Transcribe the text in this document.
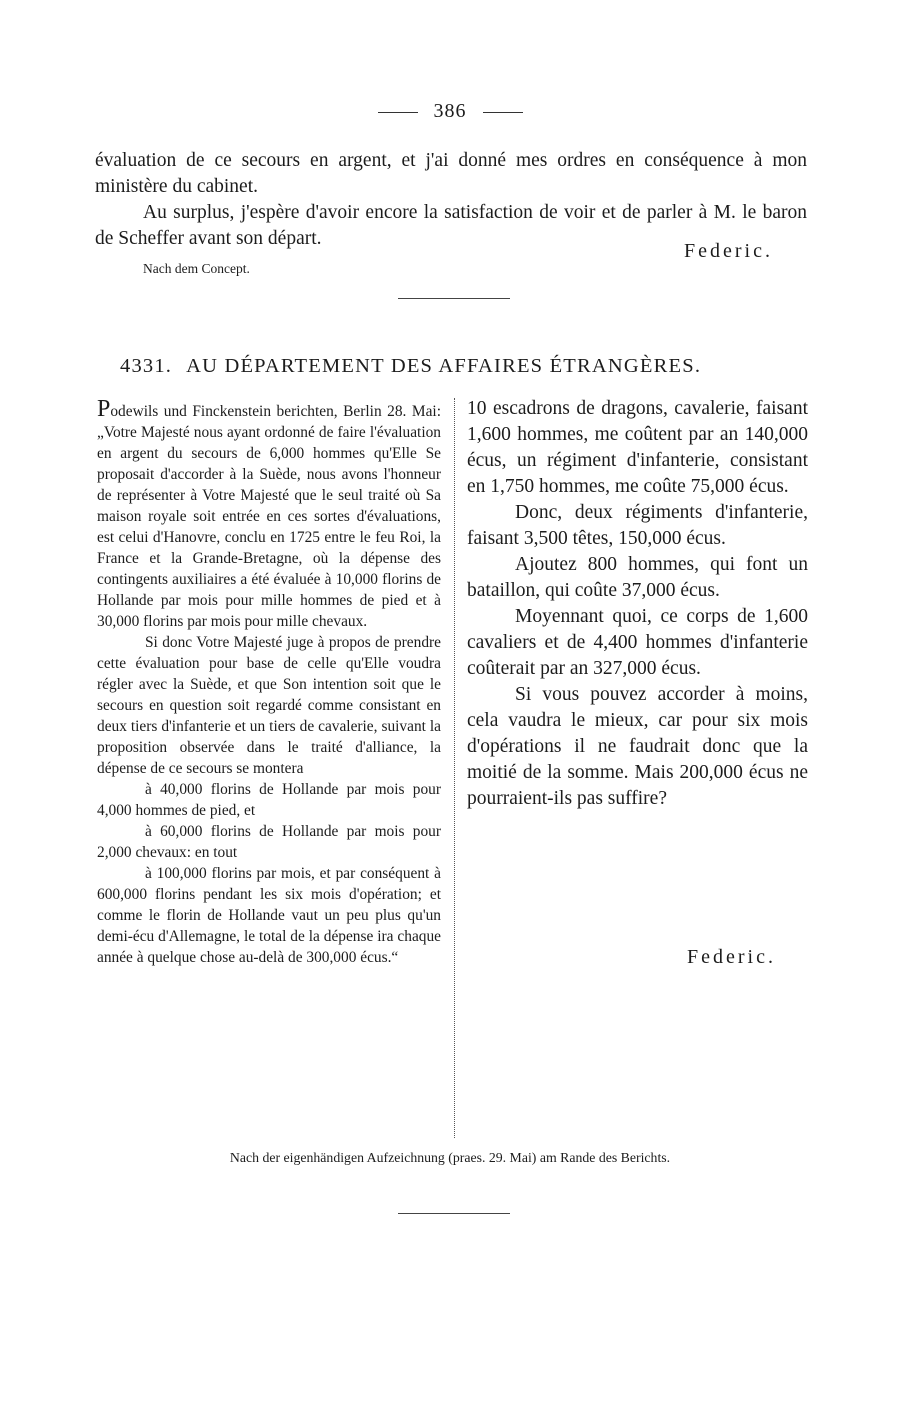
386

évaluation de ce secours en argent, et j'ai donné mes ordres en conséquence à mon ministère du cabinet.

Au surplus, j'espère d'avoir encore la satisfaction de voir et de parler à M. le baron de Scheffer avant son départ.

Federic.
Nach dem Concept.
4331. AU DÉPARTEMENT DES AFFAIRES ÉTRANGÈRES.

Podewils und Finckenstein berichten, Berlin 28. Mai: „Votre Majesté nous ayant ordonné de faire l'évaluation en argent du secours de 6,000 hommes qu'Elle Se proposait d'accorder à la Suède, nous avons l'honneur de représenter à Votre Majesté que le seul traité où Sa maison royale soit entrée en ces sortes d'évaluations, est celui d'Hanovre, conclu en 1725 entre le feu Roi, la France et la Grande-Bretagne, où la dépense des contingents auxiliaires a été évaluée à 10,000 florins de Hollande par mois pour mille hommes de pied et à 30,000 florins par mois pour mille chevaux.

Si donc Votre Majesté juge à propos de prendre cette évaluation pour base de celle qu'Elle voudra régler avec la Suède, et que Son intention soit que le secours en question soit regardé comme consistant en deux tiers d'infanterie et un tiers de cavalerie, suivant la proposition observée dans le traité d'alliance, la dépense de ce secours se montera

à 40,000 florins de Hollande par mois pour 4,000 hommes de pied, et

à 60,000 florins de Hollande par mois pour 2,000 chevaux: en tout

à 100,000 florins par mois, et par conséquent à 600,000 florins pendant les six mois d'opération; et comme le florin de Hollande vaut un peu plus qu'un demi-écu d'Allemagne, le total de la dépense ira chaque année à quelque chose au-delà de 300,000 écus.“

10 escadrons de dragons, cavalerie, faisant 1,600 hommes, me coûtent par an 140,000 écus, un régiment d'infanterie, consistant en 1,750 hommes, me coûte 75,000 écus.

Donc, deux régiments d'infanterie, faisant 3,500 têtes, 150,000 écus.

Ajoutez 800 hommes, qui font un bataillon, qui coûte 37,000 écus.

Moyennant quoi, ce corps de 1,600 cavaliers et de 4,400 hommes d'infanterie coûterait par an 327,000 écus.

Si vous pouvez accorder à moins, cela vaudra le mieux, car pour six mois d'opérations il ne faudrait donc que la moitié de la somme. Mais 200,000 écus ne pourraient-ils pas suffire?

Federic.
Nach der eigenhändigen Aufzeichnung (praes. 29. Mai) am Rande des Berichts.
